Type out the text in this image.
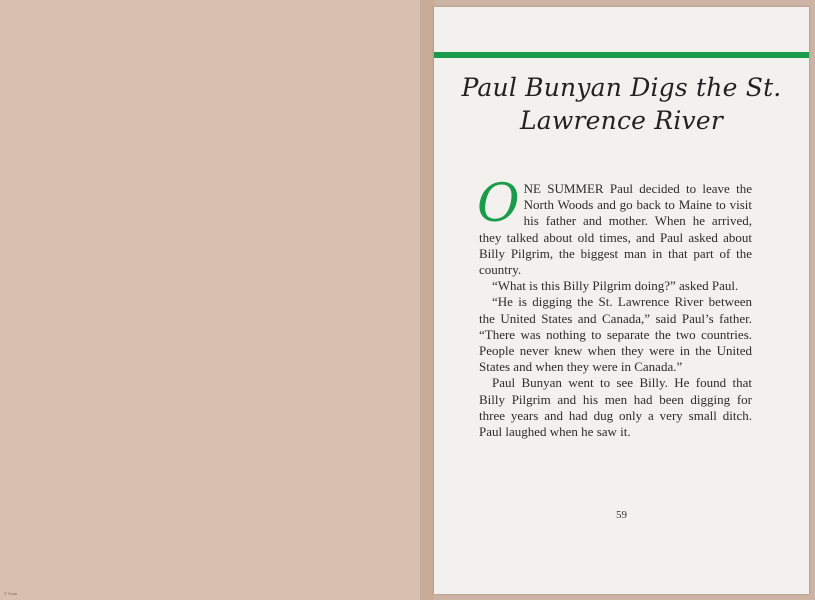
© Scan
Paul Bunyan Digs the St.
Lawrence River

ONE SUMMER Paul decided to leave the North Woods and go back to Maine to visit his father and mother. When he arrived, they talked about old times, and Paul asked about Billy Pilgrim, the biggest man in that part of the country.

“What is this Billy Pilgrim doing?” asked Paul.

“He is digging the St. Lawrence River between the United States and Canada,” said Paul’s father. “There was nothing to separate the two countries. People never knew when they were in the United States and when they were in Canada.”

Paul Bunyan went to see Billy. He found that Billy Pilgrim and his men had been digging for three years and had dug only a very small ditch. Paul laughed when he saw it.

59
